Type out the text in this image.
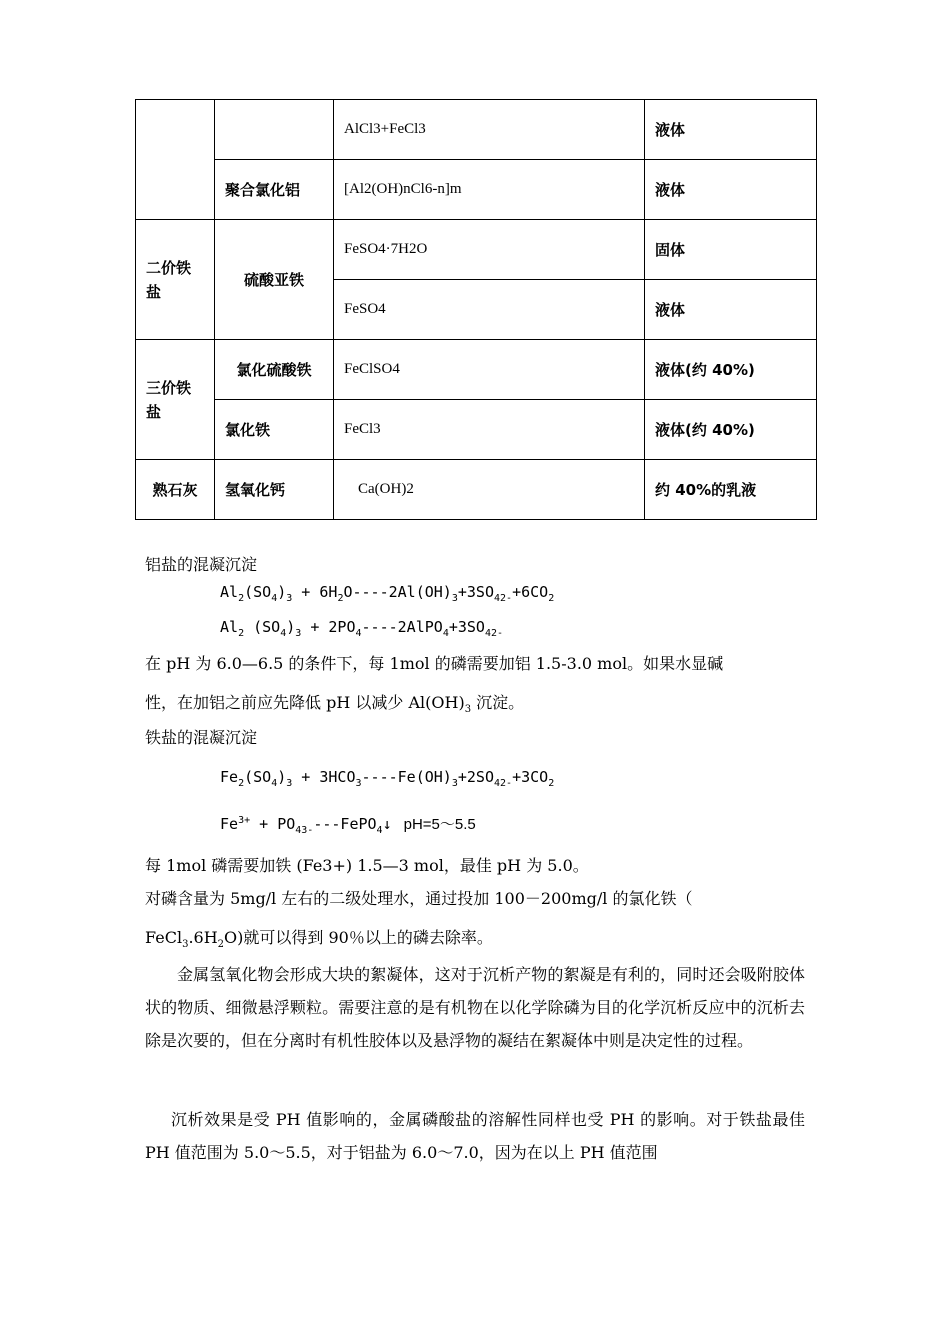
		AlCl3+FeCl3	液体
	聚合氯化铝	[Al2(OH)nCl6-n]m	液体
二价铁盐	硫酸亚铁	FeSO4·7H2O	固体
		FeSO4	液体
三价铁盐	氯化硫酸铁	FeClSO4	液体(约 40%)
	氯化铁	FeCl3	液体(约 40%)
熟石灰	氢氧化钙	Ca(OH)2	约 40%的乳液
铝盐的混凝沉淀
$Al_2(SO_4)_3 + 6H_2O----2Al(OH)_3+3SO_{42-}+6CO_2$
$Al_2$ $(SO_4)_3$ + $2PO_4----2AlPO_4+3SO_{42-}$
在 pH 为 6.0—6.5 的条件下，每 1mol 的磷需要加铝 1.5-3.0 mol。如果水显碱
性，在加铝之前应先降低 pH 以减少 $Al(OH)_3$ 沉淀。
铁盐的混凝沉淀
$Fe_2(SO_4)_3 + 3HCO_3----Fe(OH)_3+2SO_{42-}+3CO_2$
$Fe^{3+}$ + $PO_{43-}---FePO_4↓$ pH=5～5.5
每 1mol 磷需要加铁 (Fe3+) 1.5—3 mol，最佳 pH 为 5.0。
对磷含量为 5mg/l 左右的二级处理水，通过投加 100－200mg/l 的氯化铁（
$FeCl_3.6H_2O$)就可以得到 90％以上的磷去除率。
金属氢氧化物会形成大块的絮凝体，这对于沉析产物的絮凝是有利的，同时还会吸附胶体状的物质、细微悬浮颗粒。需要注意的是有机物在以化学除磷为目的化学沉析反应中的沉析去除是次要的，但在分离时有机性胶体以及悬浮物的凝结在絮凝体中则是决定性的过程。
沉析效果是受 PH 值影响的，金属磷酸盐的溶解性同样也受 PH 的影响。对于铁盐最佳 PH 值范围为 5.0～5.5，对于铝盐为 6.0～7.0，因为在以上 PH 值范围
